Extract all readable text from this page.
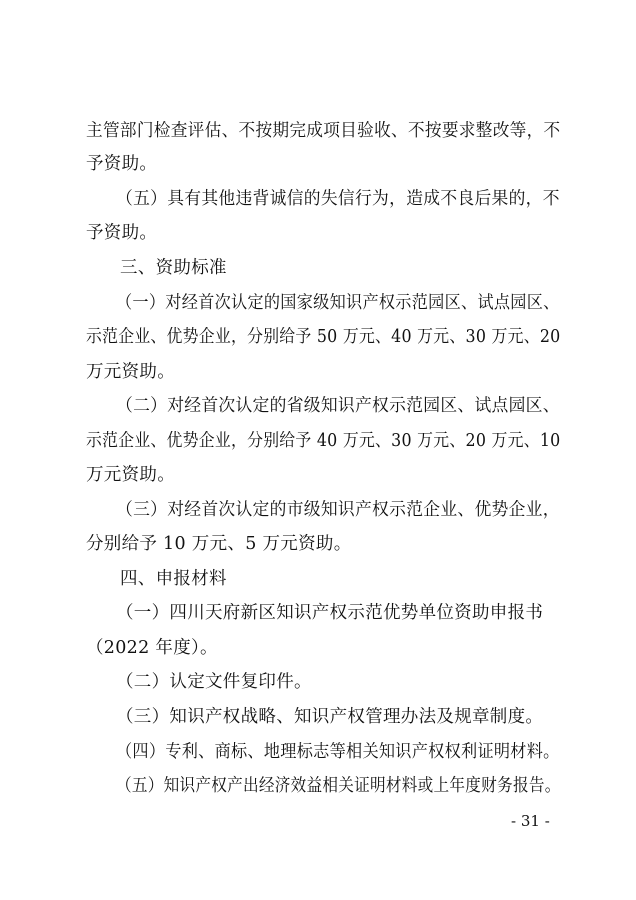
主管部门检查评估、不按期完成项目验收、不按要求整改等，不
予资助。
（五）具有其他违背诚信的失信行为，造成不良后果的，不
予资助。
三、资助标准
（一）对经首次认定的国家级知识产权示范园区、试点园区、
示范企业、优势企业，分别给予 50 万元、40 万元、30 万元、20
万元资助。
（二）对经首次认定的省级知识产权示范园区、试点园区、
示范企业、优势企业，分别给予 40 万元、30 万元、20 万元、10
万元资助。
（三）对经首次认定的市级知识产权示范企业、优势企业，
分别给予 10 万元、5 万元资助。
四、申报材料
（一）四川天府新区知识产权示范优势单位资助申报书
（2022 年度）。
（二）认定文件复印件。
（三）知识产权战略、知识产权管理办法及规章制度。
（四）专利、商标、地理标志等相关知识产权权利证明材料。
（五）知识产权产出经济效益相关证明材料或上年度财务报告。
- 31 -
